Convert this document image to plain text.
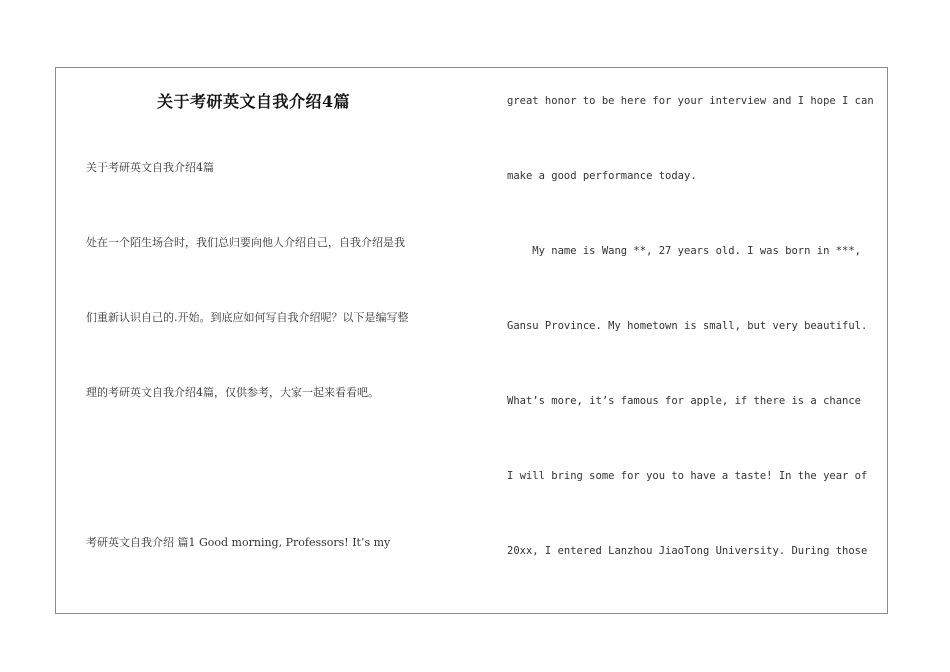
关于考研英文自我介绍4篇
关于考研英文自我介绍4篇
处在一个陌生场合时，我们总归要向他人介绍自己，自我介绍是我
们重新认识自己的.开始。到底应如何写自我介绍呢？以下是编写整
理的考研英文自我介绍4篇，仅供参考，大家一起来看看吧。
考研英文自我介绍 篇1 Good morning, Professors! It’s my
great honor to be here for your interview and I hope I can
make a good performance today.
My name is Wang **, 27 years old. I was born in ***,
Gansu Province. My hometown is small, but very beautiful.
What’s more, it’s famous for apple, if there is a chance
I will bring some for you to have a taste! In the year of
20xx, I entered Lanzhou JiaoTong University. During those
